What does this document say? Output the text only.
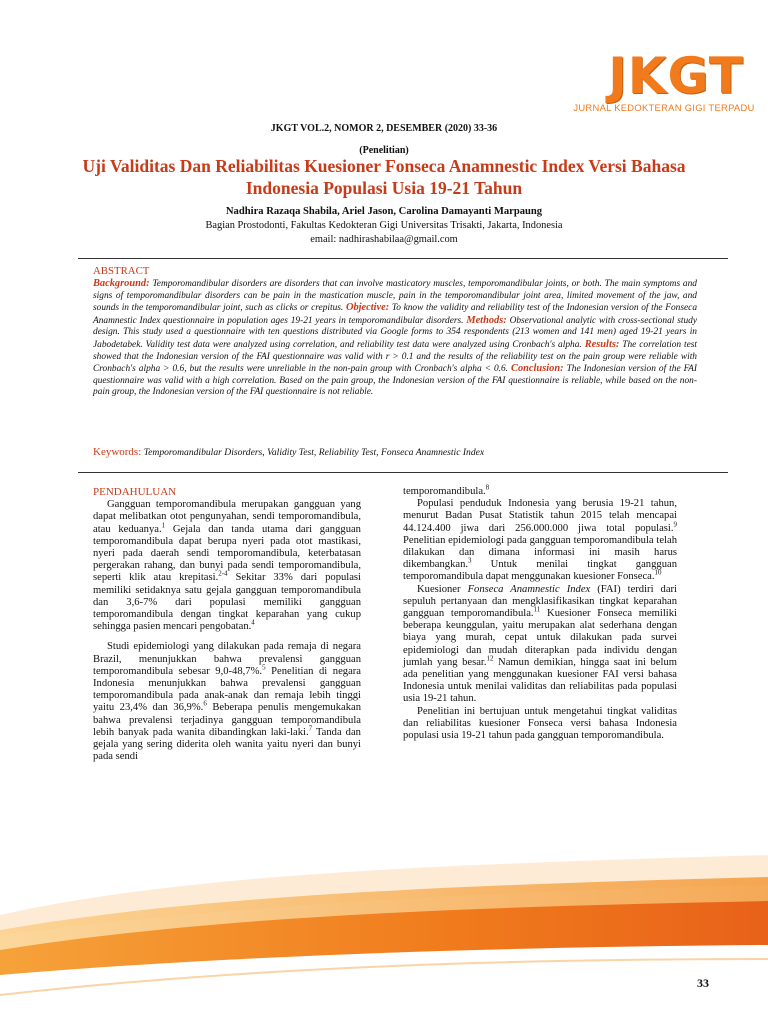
JKGT
JURNAL KEDOKTERAN GIGI TERPADU
JKGT VOL.2, NOMOR 2, DESEMBER (2020) 33-36
(Penelitian)
Uji Validitas Dan Reliabilitas Kuesioner Fonseca Anamnestic Index Versi Bahasa Indonesia Populasi Usia 19-21 Tahun
Nadhira Razaqa Shabila, Ariel Jason, Carolina Damayanti Marpaung
Bagian Prostodonti, Fakultas Kedokteran Gigi Universitas Trisakti, Jakarta, Indonesia
email: nadhirashabilaa@gmail.com
ABSTRACT
Background: Temporomandibular disorders are disorders that can involve masticatory muscles, temporomandibular joints, or both. The main symptoms and signs of temporomandibular disorders can be pain in the mastication muscle, pain in the temporomandibular joint area, limited movement of the jaw, and sounds in the temporomandibular joint, such as clicks or crepitus. Objective: To know the validity and reliability test of the Indonesian version of the Fonseca Anamnestic Index questionnaire in population ages 19-21 years in temporomandibular disorders. Methods: Observational analytic with cross-sectional study design. This study used a questionnaire with ten questions distributed via Google forms to 354 respondents (213 women and 141 men) aged 19-21 years in Jabodetabek. Validity test data were analyzed using correlation, and reliability test data were analyzed using Cronbach's alpha. Results: The correlation test showed that the Indonesian version of the FAI questionnaire was valid with r > 0.1 and the results of the reliability test on the pain group were reliable with Cronbach's alpha > 0.6, but the results were unreliable in the non-pain group with Cronbach's alpha < 0.6. Conclusion: The Indonesian version of the FAI questionnaire was valid with a high correlation. Based on the pain group, the Indonesian version of the FAI questionnaire is reliable, while based on the non-pain group, the Indonesian version of the FAI questionnaire is not reliable.
Keywords: Temporomandibular Disorders, Validity Test, Reliability Test, Fonseca Anamnestic Index

PENDAHULUAN

Gangguan temporomandibula merupakan gangguan yang dapat melibatkan otot pengunyahan, sendi temporomandibula, atau keduanya.$^1$ Gejala dan tanda utama dari gangguan temporomandibula dapat berupa nyeri pada otot mastikasi, nyeri pada daerah sendi temporomandibula, keterbatasan pergerakan rahang, dan bunyi pada sendi temporomandibula, seperti klik atau krepitasi.$^{2-4}$ Sekitar 33% dari populasi memiliki setidaknya satu gejala gangguan temporomandibula dan 3,6-7% dari populasi memiliki gangguan temporomandibula dengan tingkat keparahan yang cukup sehingga pasien mencari pengobatan.$^4$

Studi epidemiologi yang dilakukan pada remaja di negara Brazil, menunjukkan bahwa prevalensi gangguan temporomandibula sebesar 9,0-48,7%.$^5$ Penelitian di negara Indonesia menunjukkan bahwa prevalensi gangguan temporomandibula pada anak-anak dan remaja lebih tinggi yaitu 23,4% dan 36,9%.$^6$ Beberapa penulis mengemukakan bahwa prevalensi terjadinya gangguan temporomandibula lebih banyak pada wanita dibandingkan laki-laki.$^7$ Tanda dan gejala yang sering diderita oleh wanita yaitu nyeri dan bunyi pada sendi

temporomandibula.$^8$

Populasi penduduk Indonesia yang berusia 19-21 tahun, menurut Badan Pusat Statistik tahun 2015 telah mencapai 44.124.400 jiwa dari 256.000.000 jiwa total populasi.$^9$ Penelitian epidemiologi pada gangguan temporomandibula telah dilakukan dan dimana informasi ini masih harus dikembangkan.$^3$ Untuk menilai tingkat gangguan temporomandibula dapat menggunakan kuesioner Fonseca.$^{10}$

Kuesioner Fonseca Anamnestic Index (FAI) terdiri dari sepuluh pertanyaan dan mengklasifikasikan tingkat keparahan gangguan temporomandibula.$^{11}$ Kuesioner Fonseca memiliki beberapa keunggulan, yaitu merupakan alat sederhana dengan biaya yang murah, cepat untuk dilakukan pada survei epidemiologi dan mudah diterapkan pada individu dengan jumlah yang besar.$^{12}$ Namun demikian, hingga saat ini belum ada penelitian yang menggunakan kuesioner FAI versi bahasa Indonesia untuk menilai validitas dan reliabilitas pada populasi usia 19-21 tahun.

Penelitian ini bertujuan untuk mengetahui tingkat validitas dan reliabilitas kuesioner Fonseca versi bahasa Indonesia populasi usia 19-21 tahun pada gangguan temporomandibula.

33
